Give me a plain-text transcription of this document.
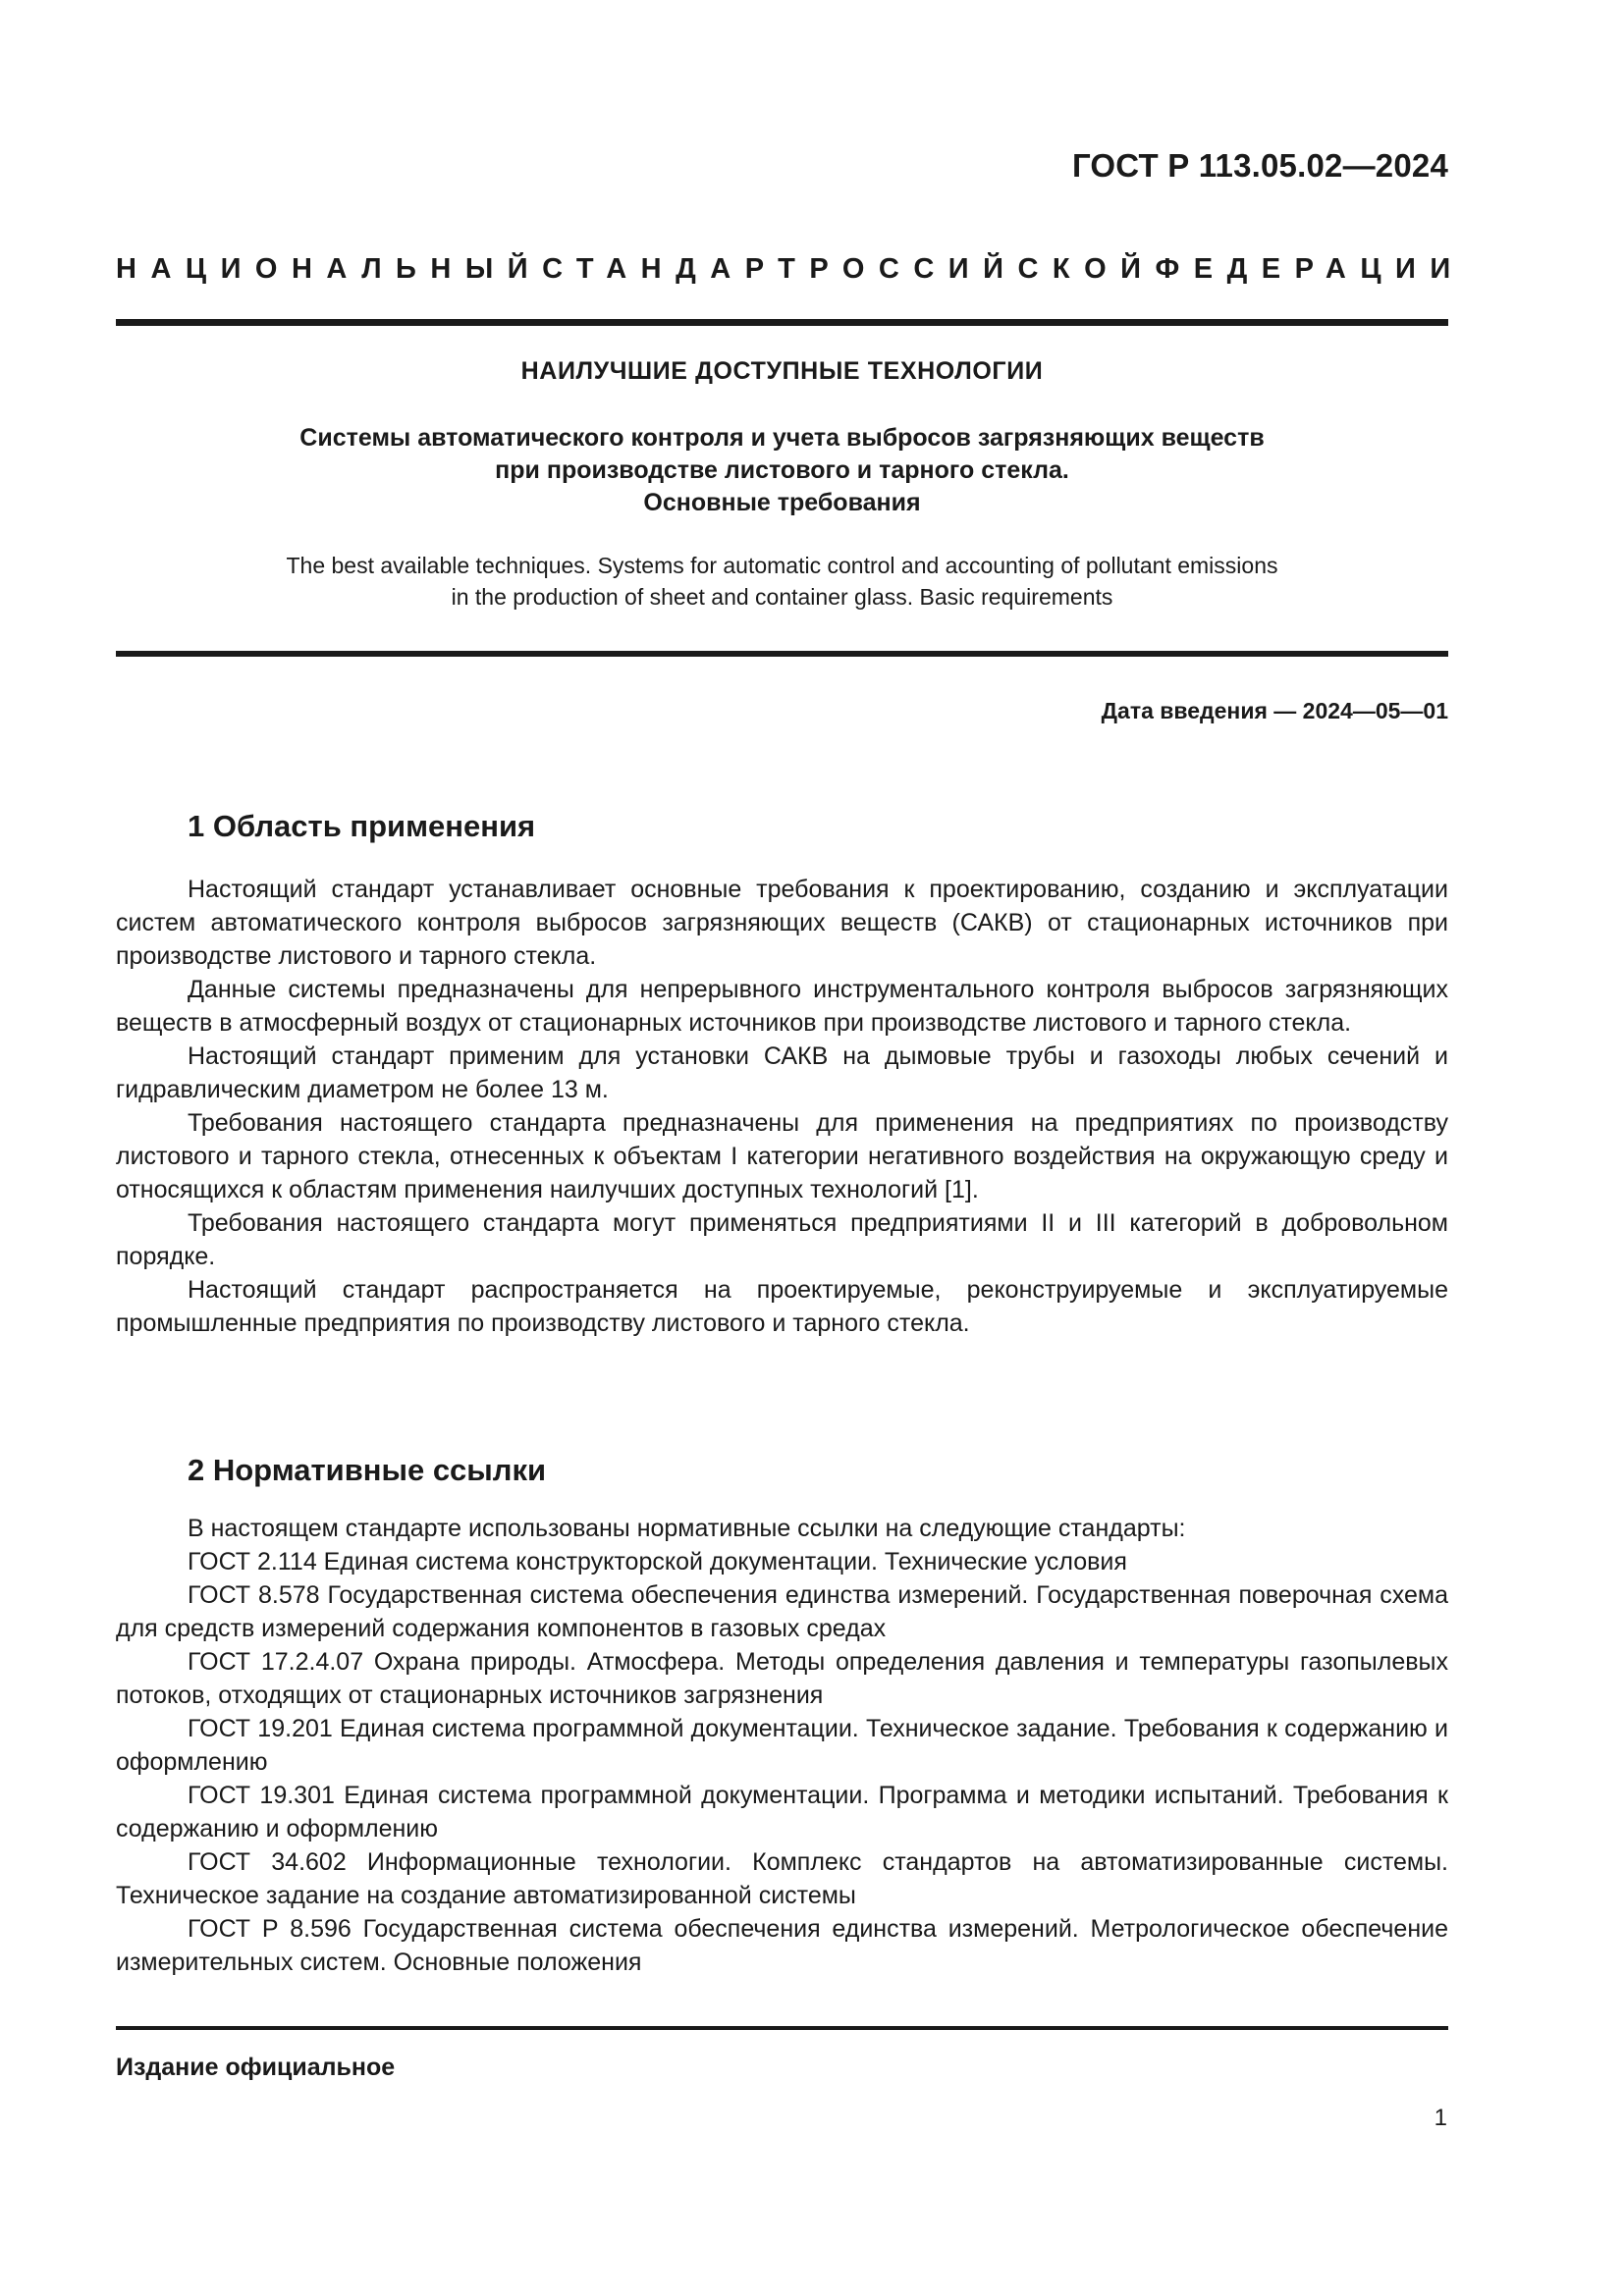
ГОСТ Р 113.05.02—2024
НАЦИОНАЛЬНЫЙ СТАНДАРТ РОССИЙСКОЙ ФЕДЕРАЦИИ
НАИЛУЧШИЕ ДОСТУПНЫЕ ТЕХНОЛОГИИ
Системы автоматического контроля и учета выбросов загрязняющих веществ
при производстве листового и тарного стекла.
Основные требования
The best available techniques. Systems for automatic control and accounting of pollutant emissions
in the production of sheet and container glass. Basic requirements
Дата введения — 2024—05—01
1 Область применения

Настоящий стандарт устанавливает основные требования к проектированию, созданию и эксплуатации систем автоматического контроля выбросов загрязняющих веществ (САКВ) от стационарных источников при производстве листового и тарного стекла.

Данные системы предназначены для непрерывного инструментального контроля выбросов загрязняющих веществ в атмосферный воздух от стационарных источников при производстве листового и тарного стекла.

Настоящий стандарт применим для установки САКВ на дымовые трубы и газоходы любых сечений и гидравлическим диаметром не более 13 м.

Требования настоящего стандарта предназначены для применения на предприятиях по производству листового и тарного стекла, отнесенных к объектам I категории негативного воздействия на окружающую среду и относящихся к областям применения наилучших доступных технологий [1].

Требования настоящего стандарта могут применяться предприятиями II и III категорий в добровольном порядке.

Настоящий стандарт распространяется на проектируемые, реконструируемые и эксплуатируемые промышленные предприятия по производству листового и тарного стекла.

2 Нормативные ссылки

В настоящем стандарте использованы нормативные ссылки на следующие стандарты:

ГОСТ 2.114 Единая система конструкторской документации. Технические условия

ГОСТ 8.578 Государственная система обеспечения единства измерений. Государственная поверочная схема для средств измерений содержания компонентов в газовых средах

ГОСТ 17.2.4.07 Охрана природы. Атмосфера. Методы определения давления и температуры газопылевых потоков, отходящих от стационарных источников загрязнения

ГОСТ 19.201 Единая система программной документации. Техническое задание. Требования к содержанию и оформлению

ГОСТ 19.301 Единая система программной документации. Программа и методики испытаний. Требования к содержанию и оформлению

ГОСТ 34.602 Информационные технологии. Комплекс стандартов на автоматизированные системы. Техническое задание на создание автоматизированной системы

ГОСТ Р 8.596 Государственная система обеспечения единства измерений. Метрологическое обеспечение измерительных систем. Основные положения

Издание официальное
1
